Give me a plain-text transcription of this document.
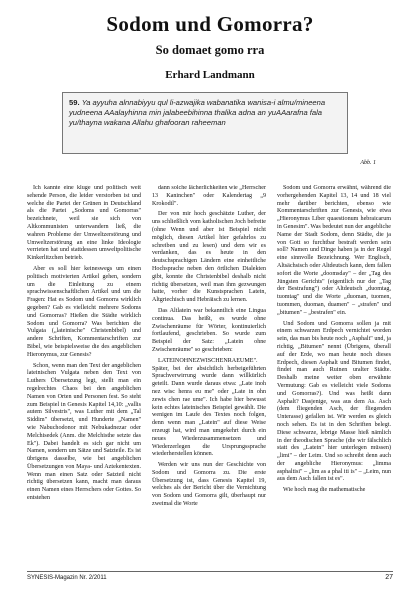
Sodom und Gomorra?
So domaet gomo rra
Erhard Landmann
59. Ya ayyuha alnnabiyyu qul li-azwajika wabanatika wanisa-i almu/mineena yudneena AAalayhinna min jalabeebihinna thalika adna an yuAAarafna fala yu/thayna wakana Allahu ghafooran raheeman
Abb. 1

Ich kannte eine kluge und politisch weit sehende Person, die leider verstorben ist und welche die Partei der Grünen in Deutschland als die Partei „Sodoms und Gomorras" bezeichnete, weil sie sich von Altkommunisten unterwandern ließ, die wahren Probleme der Umweltzerstörung und Umweltzerstörung an eine linke Ideologie verrieten hat und stattdessen umweltpolitische Kinkerlitzchen betrieb.

Aber es soll hier keineswegs um einen politisch motivierten Artikel gehen, sondern um die Einleitung zu einem sprachwissenschaftlichen Artikel und um die Fragen: Hat es Sodom und Gomorra wirklich gegeben? Gab es vielleicht mehrere Sodoms und Gomorras? Hießen die Städte wirklich Sodom und Gomorra? Was berichten die Vulgata („lateinische" Christenbibel) und andere Schriften, Kommentarschriften zur Bibel, wie beispielsweise die des angeblichen Hieronymus, zur Genesis?

Schon, wenn man den Text der angeblichen lateinischen Vulgata neben den Text von Luthers Übersetzung legt, stellt man ein regelrechtes Chaos bei den angeblichen Namen von Orten und Personen fest. So steht zum Beispiel in Genesis Kapitel 14,10: „vallis autem Silvestris", was Luther mit dem „Tal Siddim" übersetzt, und Hunderte „Namen" wie Nabuchodonor mit Nebukadnezar oder Melchisedek (Anm. die Melchisthe setzte das Ek"). Dabei handelt es sich gar nicht um Namen, sondern um Sätze und Satzteile. Es ist übrigens dasselbe, wie bei angeblichen Übersetzungen von Maya- und Aztekentexten. Wenn man einen Satz oder Satzteil nicht richtig übersetzen kann, macht man daraus einen Namen eines Herrschers oder Gottes. So entstehen

dann solche lächerlichkeiten wie „Herrscher 13 Kaninchen" oder Kalendertag „9 Krokodil".

Der von mir hoch geschätzte Luther, der uns schließlich vom katholischen Joch befreite (ohne Wenn und aber ist Beispiel nicht möglich, diesen Artikel hier gefahrlos zu schreiben und zu lesen) und dem wir es verdanken, das es heute in den deutschsprachigen Ländern eine einheitliche Hochsprache neben den örtlichen Dialekten gibt, konnte die Christenbibel deshalb nicht richtig übersetzen, weil man ihm gezwungen hatte, vorher die Kunstsprachen Latein, Altgriechisch und Hebräisch zu lernen.

Das Altlatein war bekanntlich eine Lingua continua. Das heißt, es wurde ohne Zwischenräume für Wörter, kontinuierlich fortlaufend, geschrieben. So wurde zum Beispiel der Satz: „Latein ohne Zwischenräume" so geschrieben:

LATEINOHNEZWISCHENRAEUME". Später, bei der absichtlich herbeigeführten Sprachverwirrung wurde dann willkürlich geteilt. Dann wurde daraus etwa: „Late inoh nez wisc henra eu me" oder „Late in ohn zewis chen rae ume". Ich habe hier bewusst kein echtes lateinisches Beispiel gewählt. Die wenigen im Laufe des Textes noch folgen, denn wenn man „Latein" auf diese Weise erzeugt hat, wird man umgekehrt durch ein neues Wiederzusammensetzen und Wiederzerlegen die Ursprungssprache wiederherstellen können.

Werden wir uns nun der Geschichte von Sodom und Gomorra zu. Die erste Übersetzung ist, dass Genesis Kapitel 19, welches als der Bericht über die Vernichtung von Sodom und Gomorra gilt, überhaupt nur zweimal die Worte

Sodom und Gomorra erwähnt, während die vorhergehenden Kapitel 13, 14 und 18 viel mehr darüber berichten, ebenso wie Kommentarschriften zur Genesis, wie etwa „Hieronymus Liber quaestionum hebraicarum in Genesim". Was bedeutet nun der angebliche Name der Stadt Sodom, denn Städte, die ja von Gott so furchtbar bestraft werden sein soll? Namen und Dinge haben ja in der Regel eine sinnvolle Bezeichnung. Wer Englisch, Altsächsisch oder Altdeutsch kann, dem fallen sofort die Worte „doomsday" – der „Tag des Jüngsten Gerichts" (eigentlich nur der „Tag der Bestrafung") oder Altdeutsch „duomtag, tuomtag" und die Worte „duoman, tuomen, tuommen, duoman, duamen" – „strafen" und „bitumen" – „bestrafen" ein.

Und Sodom und Gomorra sollen ja mit einem schwarzen Erdpech vernichtet worden sein, das man bis heute noch „Asphalt" und, ja richtig, „Bitumen" nennt (Übrigens, überall auf der Erde, wo man heute noch dieses Erdpech, diesen Asphalt und Bitumen findet, findet man auch Ruinen uralter Städte. Deshalb meine weiter oben erwähnte Vermutung: Gab es vielleicht viele Sodoms und Gomorras?). Und was heißt dann Asphalt? Dasjenige, was aus dem As. Asch (dem fliegenden Asch, der fliegenden Unterasse) gefallen ist. Wir werden es gleich noch sehen. Es ist in den Schriften belegt. Diese schwarze, lebrige Masse hieß nämlich in der theodischen Sprache (die wir fälschlich statt des „Latein" hier unterlegen müssen) „limi" – der Leim. Und so schreibt denn auch der angebliche Hieronymus: „limma asphaltisi" – „lim as a phal iti is" – „Leim, nun aus dem Asch fallen ist es".

Wie hoch mag die mathematische

SYNESIS-Magazin Nr. 2/2011	27
